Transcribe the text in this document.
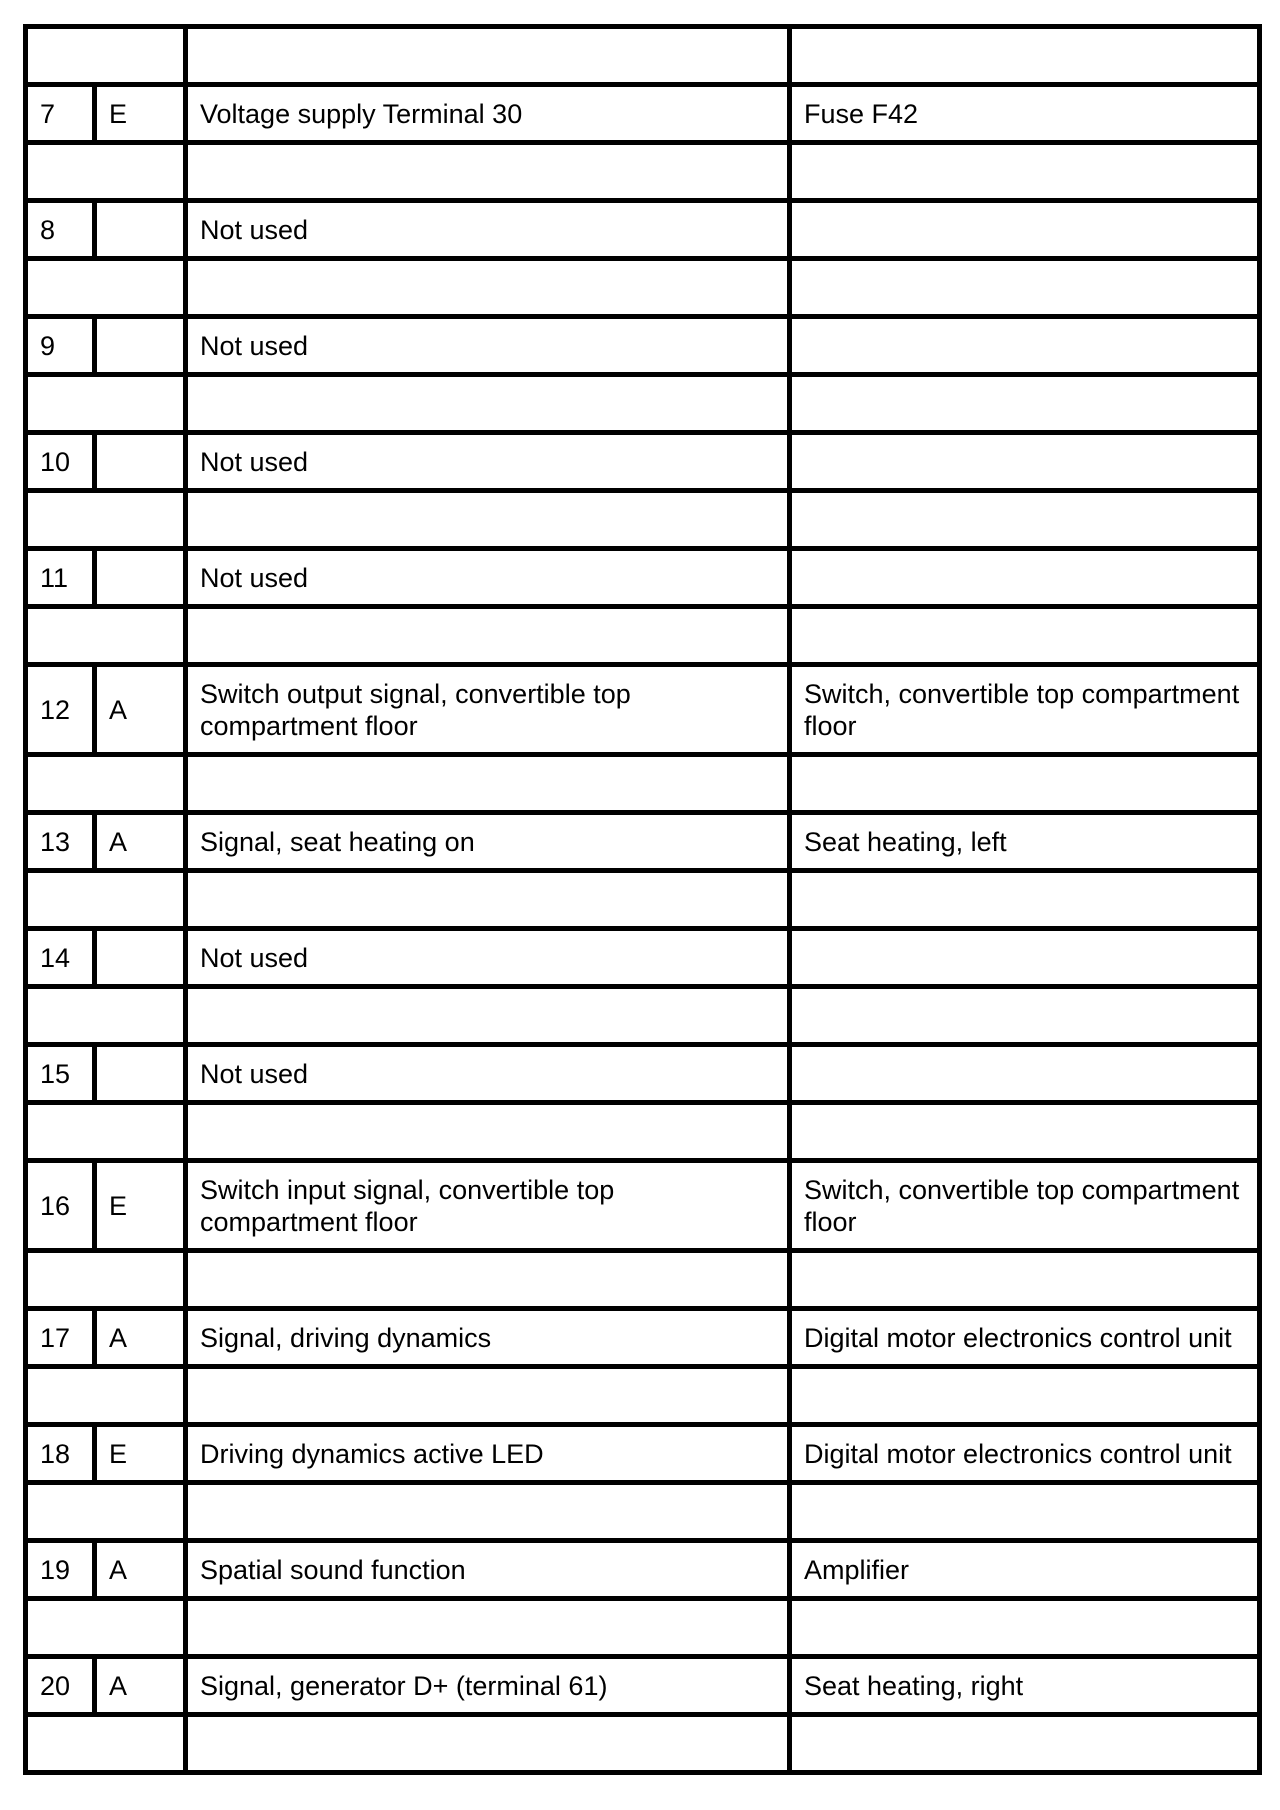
7	E	Voltage supply Terminal 30	Fuse F42

8		Not used	

9		Not used	

10		Not used	

11		Not used	

12	A	Switch output signal, convertible top compartment floor	Switch, convertible top compartment floor

13	A	Signal, seat heating on	Seat heating, left

14		Not used	

15		Not used	

16	E	Switch input signal, convertible top compartment floor	Switch, convertible top compartment floor

17	A	Signal, driving dynamics	Digital motor electronics control unit

18	E	Driving dynamics active LED	Digital motor electronics control unit

19	A	Spatial sound function	Amplifier

20	A	Signal, generator D+ (terminal 61)	Seat heating, right
